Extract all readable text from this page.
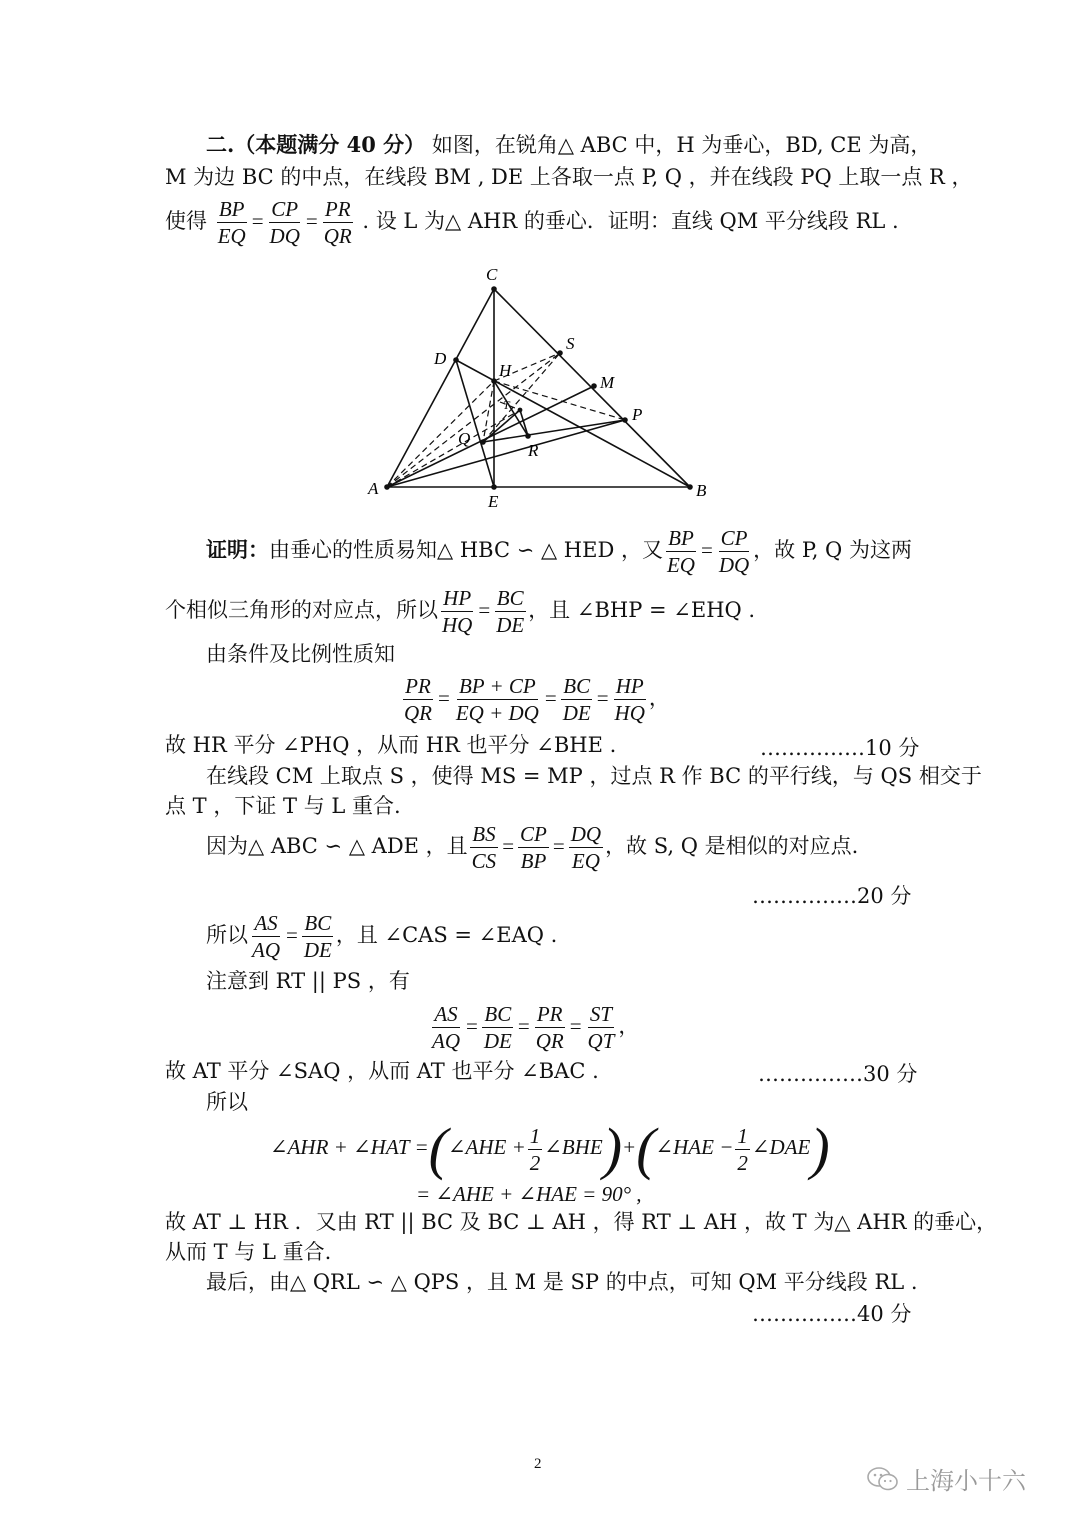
二.（本题满分 40 分） 如图，在锐角△ ABC 中，H 为垂心，BD, CE 为高，
M 为边 BC 的中点，在线段 BM , DE 上各取一点 P, Q ，并在线段 PQ 上取一点 R ，
使得 $\frac{BP}{EQ} = \frac{CP}{DQ} = \frac{PR}{QR}$ . 设 L 为△ AHR 的垂心．证明：直线 QM 平分线段 RL .
A	B
C
D
E
H
M
P
Q
R
S
T
证明：由垂心的性质易知△ HBC ∽ △ HED ，又 $\frac{BP}{EQ} = \frac{CP}{DQ}$ ，故 P, Q 为这两
个相似三角形的对应点，所以 $\frac{HP}{HQ} = \frac{BC}{DE}$ ，且 ∠BHP = ∠EHQ .
由条件及比例性质知
$\frac{PR}{QR} = \frac{BP + CP}{EQ + DQ} = \frac{BC}{DE} = \frac{HP}{HQ}$ ，
故 HR 平分 ∠PHQ ，从而 HR 也平分 ∠BHE .	……………10 分
在线段 CM 上取点 S ，使得 MS = MP ，过点 R 作 BC 的平行线，与 QS 相交于
点 T ，下证 T 与 L 重合.
因为△ ABC ∽ △ ADE ，且 $\frac{BS}{CS} = \frac{CP}{BP} = \frac{DQ}{EQ}$ ，故 S, Q 是相似的对应点.
……………20 分
所以 $\frac{AS}{AQ} = \frac{BC}{DE}$ ，且 ∠CAS = ∠EAQ .
注意到 RT || PS ，有
$\frac{AS}{AQ} = \frac{BC}{DE} = \frac{PR}{QR} = \frac{ST}{QT}$ ，
故 AT 平分 ∠SAQ ，从而 AT 也平分 ∠BAC .	……………30 分
所以
∠AHR + ∠HAT =(∠AHE + $\frac{1}{2}$ ∠BHE)+(∠HAE − $\frac{1}{2}$ ∠DAE)
= ∠AHE + ∠HAE = 90° ,
故 AT ⊥ HR ．又由 RT || BC 及 BC ⊥ AH ，得 RT ⊥ AH ，故 T 为△ AHR 的垂心，
从而 T 与 L 重合.
最后，由△ QRL ∽ △ QPS ，且 M 是 SP 的中点，可知 QM 平分线段 RL .
……………40 分
2
上海小十六
